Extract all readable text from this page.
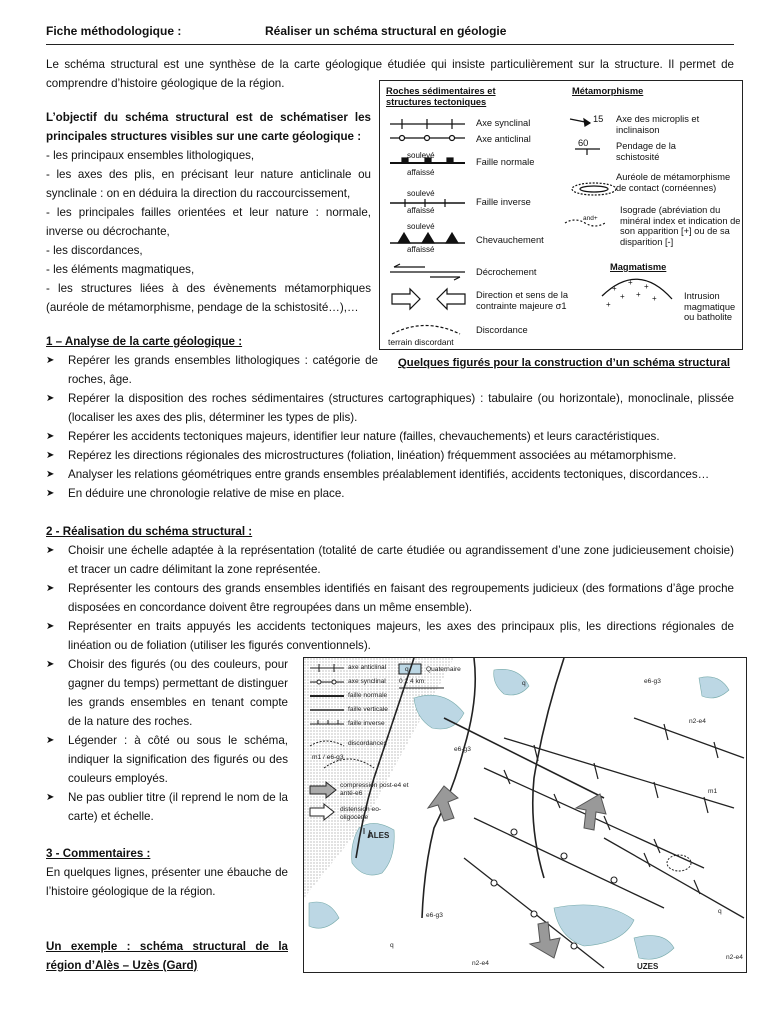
Fiche méthodologique :	Réaliser un schéma structural en géologie
Le schéma structural est une synthèse de la carte géologique étudiée qui insiste particulièrement sur la structure. Il permet de comprendre d’histoire géologique de la région.
L’objectif du schéma structural est de schématiser les principales structures visibles sur une carte géologique :
- les principaux ensembles lithologiques,
- les axes des plis, en précisant leur nature anticlinale ou synclinale : on en déduira la direction du raccourcissement,
- les principales failles orientées et leur nature : normale, inverse ou décrochante,
- les discordances,
- les éléments magmatiques,
- les structures liées à des évènements métamorphiques (auréole de métamorphisme, pendage de la schistosité…),…
+
+ +
+ +
+
+
Roches sédimentaires et structures tectoniques
Métamorphisme
Axe synclinal
Axe anticlinal
soulevé
affaissé
Faille normale
soulevé
affaissé
Faille inverse
soulevé
affaissé
Chevauchement
Décrochement
Direction et sens de la contrainte majeure σ1
Discordance
terrain discordant
15 Axe des microplis et inclinaison
60	Pendage de la schistosité
Auréole de métamorphisme de contact (cornéennes)
and+
Isograde (abréviation du minéral index et indication de son apparition [+] ou de sa disparition [-]
Magmatisme
Intrusion magmatique ou batholite
Quelques figurés pour la construction d’un schéma structural
1 – Analyse de la carte géologique :
➤ Repérer les grands ensembles lithologiques : catégorie de roches, âge.
➤ Repérer la disposition des roches sédimentaires (structures cartographiques) : tabulaire (ou horizontale), monoclinale, plissée (localiser les axes des plis, déterminer les types de plis).
➤ Repérer les accidents tectoniques majeurs, identifier leur nature (failles, chevauchements) et leurs caractéristiques.
➤ Repérez les directions régionales des microstructures (foliation, linéation) fréquemment associées au métamorphisme.
➤ Analyser les relations géométriques entre grands ensembles préalablement identifiés, accidents tectoniques, discordances…
➤ En déduire une chronologie relative de mise en place.
2 - Réalisation du schéma structural :
➤ Choisir une échelle adaptée à la représentation (totalité de carte étudiée ou agrandissement d’une zone judicieusement choisie) et tracer un cadre délimitant la zone représentée.
➤ Représenter les contours des grands ensembles identifiés en faisant des regroupements judicieux (des formations d’âge proche disposées en concordance doivent être regroupées dans un même ensemble).
➤ Représenter en traits appuyés les accidents tectoniques majeurs, les axes des principaux plis, les directions régionales de linéation ou de foliation (utiliser les figurés conventionnels).
➤ Choisir des figurés (ou des couleurs, pour gagner du temps) permettant de distinguer les grands ensembles en tenant compte de la nature des roches.
➤ Légender : à côté ou sous le schéma, indiquer la signification des figurés ou des couleurs employés.
➤ Ne pas oublier titre (il reprend le nom de la carte) et échelle.
3 - Commentaires :
En quelques lignes, présenter une ébauche de l’histoire géologique de la région.
Un exemple : schéma structural de la région d’Alès – Uzès (Gard)
axe anticlinal
axe synclinal
faille normale
faille verticale
faille inverse
discordances
m1 / e6-g3
compression post-e4 et anté-e6
distension eo-oligocène
q	Quaternaire
0 2 4 km
ALES
UZES
e6-g3
e6-g3
e6-g3
n2-e4
n2-e4
n2-e4
m1
q
q
q
